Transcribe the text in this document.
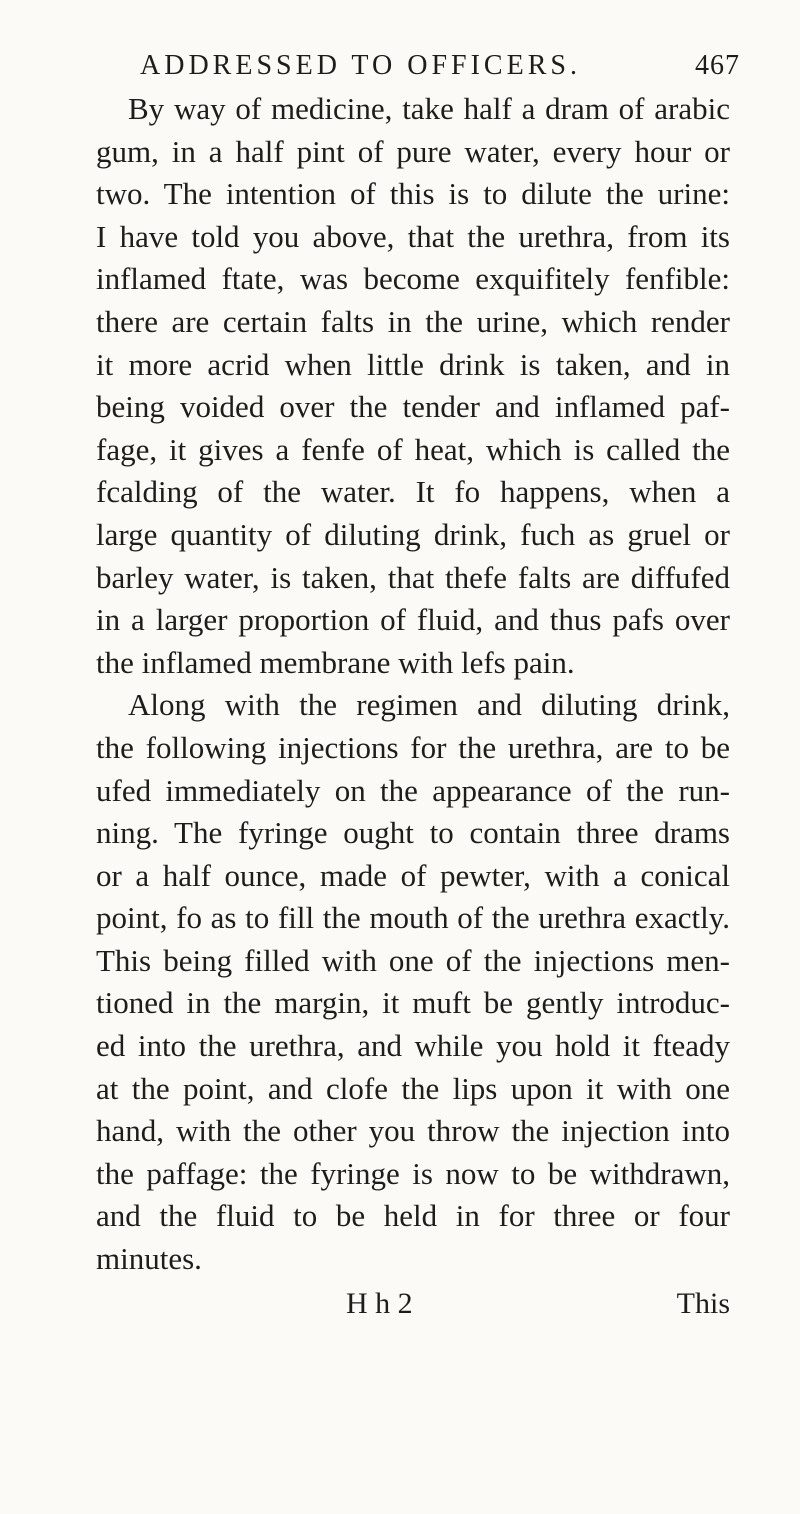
ADDRESSED TO OFFICERS.	467
By way of medicine, take half a dram of arabic
gum, in a half pint of pure water, every hour or
two. The intention of this is to dilute the urine:
I have told you above, that the urethra, from its
inflamed ftate, was become exquifitely fenfible:
there are certain falts in the urine, which render
it more acrid when little drink is taken, and in
being voided over the tender and inflamed paf-
fage, it gives a fenfe of heat, which is called the
fcalding of the water. It fo happens, when a
large quantity of diluting drink, fuch as gruel or
barley water, is taken, that thefe falts are diffufed
in a larger proportion of fluid, and thus pafs over
the inflamed membrane with lefs pain.
Along with the regimen and diluting drink,
the following injections for the urethra, are to be
ufed immediately on the appearance of the run-
ning. The fyringe ought to contain three drams
or a half ounce, made of pewter, with a conical
point, fo as to fill the mouth of the urethra exactly.
This being filled with one of the injections men-
tioned in the margin, it muft be gently introduc-
ed into the urethra, and while you hold it fteady
at the point, and clofe the lips upon it with one
hand, with the other you throw the injection into
the paffage: the fyringe is now to be withdrawn,
and the fluid to be held in for three or four
minutes.
H h 2	This
